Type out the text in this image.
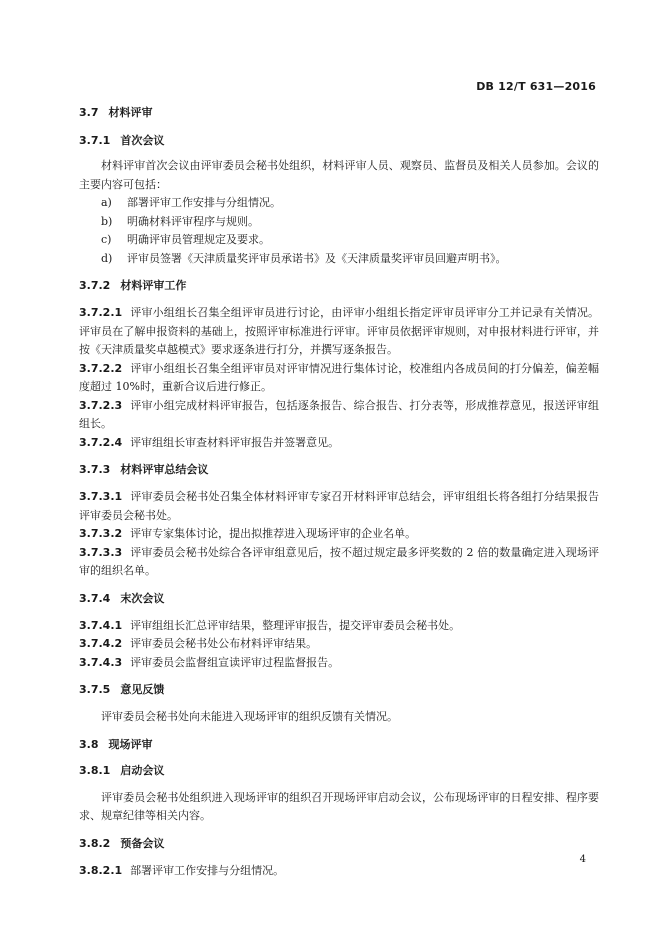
DB 12/T 631—2016
3.7 材料评审
3.7.1 首次会议

材料评审首次会议由评审委员会秘书处组织，材料评审人员、观察员、监督员及相关人员参加。会议的主要内容可包括：

a) 部署评审工作安排与分组情况。
b) 明确材料评审程序与规则。
c) 明确评审员管理规定及要求。
d) 评审员签署《天津质量奖评审员承诺书》及《天津质量奖评审员回避声明书》。
3.7.2 材料评审工作

3.7.2.1 评审小组组长召集全组评审员进行讨论，由评审小组组长指定评审员评审分工并记录有关情况。评审员在了解申报资料的基础上，按照评审标准进行评审。评审员依据评审规则，对申报材料进行评审，并按《天津质量奖卓越模式》要求逐条进行打分，并撰写逐条报告。

3.7.2.2 评审小组组长召集全组评审员对评审情况进行集体讨论，校准组内各成员间的打分偏差，偏差幅度超过 10%时，重新合议后进行修正。

3.7.2.3 评审小组完成材料评审报告，包括逐条报告、综合报告、打分表等，形成推荐意见，报送评审组组长。

3.7.2.4 评审组组长审查材料评审报告并签署意见。

3.7.3 材料评审总结会议

3.7.3.1 评审委员会秘书处召集全体材料评审专家召开材料评审总结会，评审组组长将各组打分结果报告评审委员会秘书处。

3.7.3.2 评审专家集体讨论，提出拟推荐进入现场评审的企业名单。

3.7.3.3 评审委员会秘书处综合各评审组意见后，按不超过规定最多评奖数的 2 倍的数量确定进入现场评审的组织名单。

3.7.4 末次会议

3.7.4.1 评审组组长汇总评审结果，整理评审报告，提交评审委员会秘书处。

3.7.4.2 评审委员会秘书处公布材料评审结果。

3.7.4.3 评审委员会监督组宣读评审过程监督报告。

3.7.5 意见反馈

评审委员会秘书处向未能进入现场评审的组织反馈有关情况。

3.8 现场评审
3.8.1 启动会议

评审委员会秘书处组织进入现场评审的组织召开现场评审启动会议，公布现场评审的日程安排、程序要求、规章纪律等相关内容。

3.8.2 预备会议

3.8.2.1 部署评审工作安排与分组情况。

4
